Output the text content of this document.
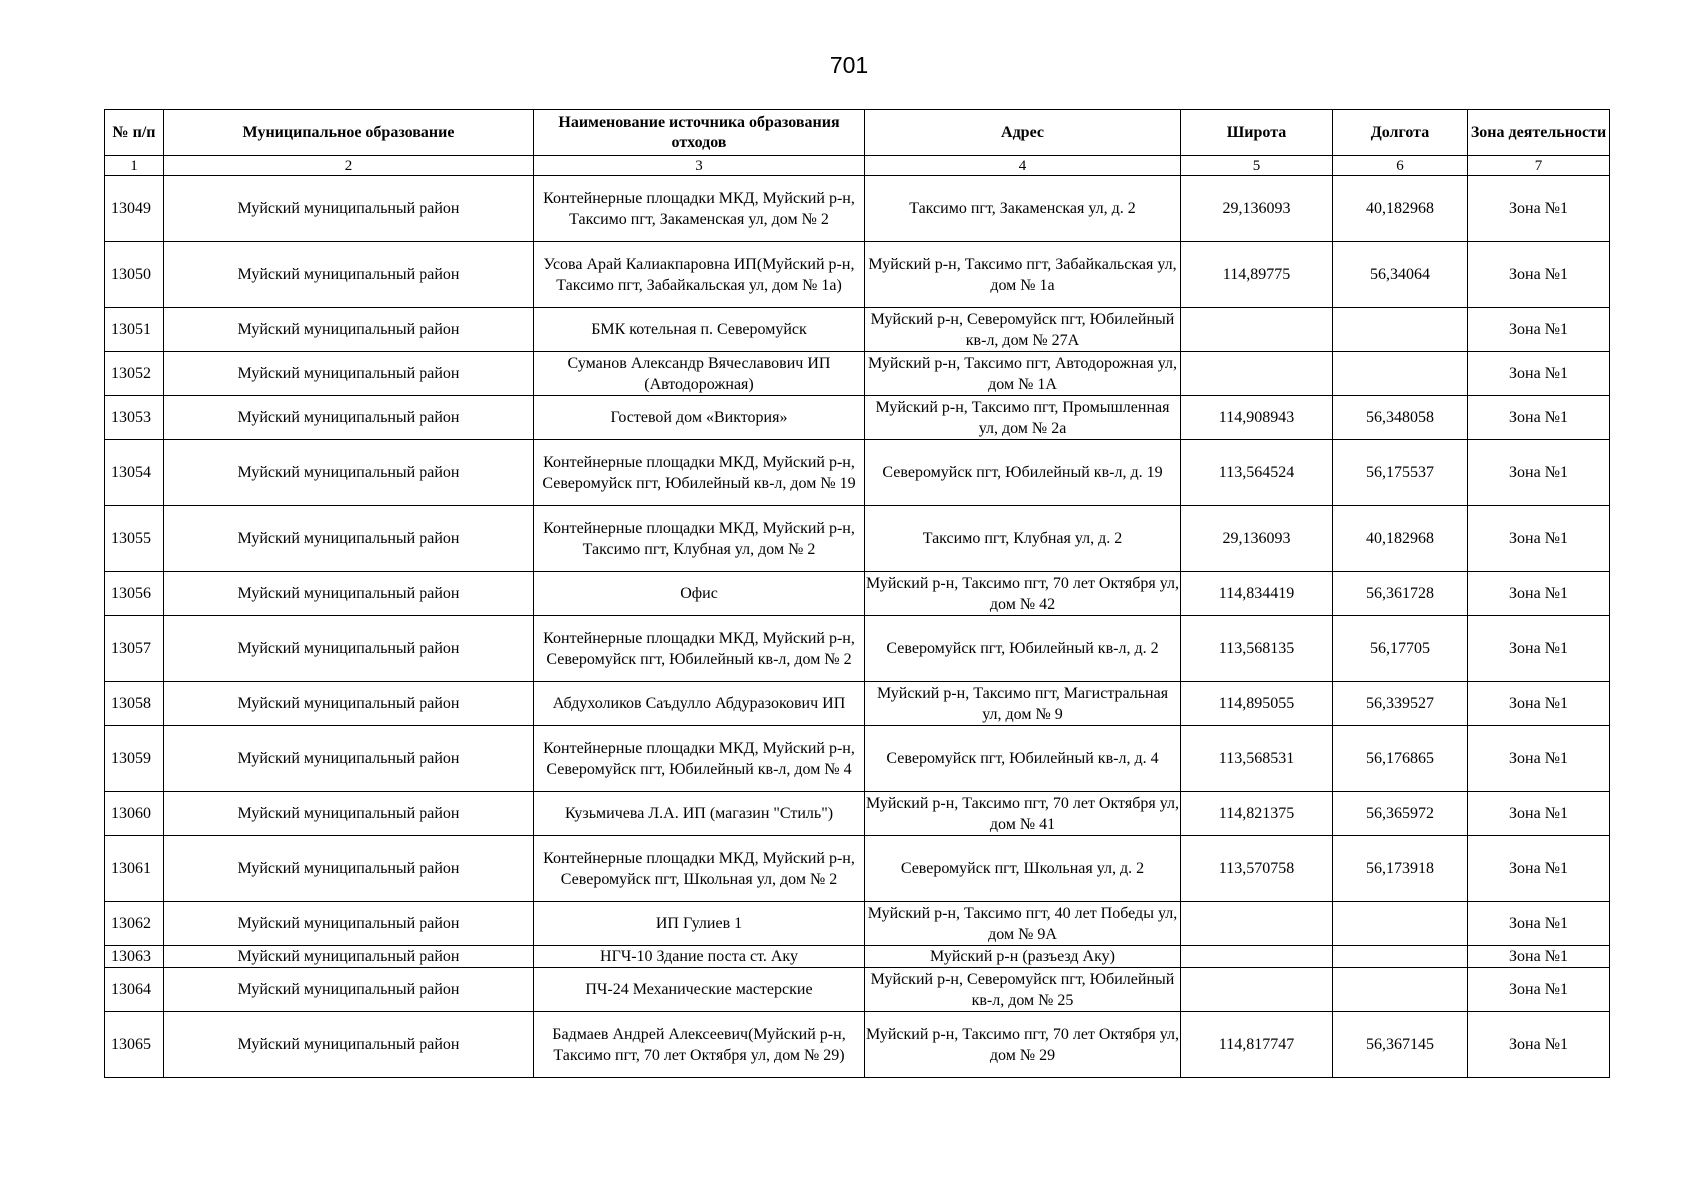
701
№ п/п	Муниципальное образование	Наименование источника образования отходов	Адрес	Широта	Долгота	Зона деятельности
1	2	3	4	5	6	7
13049	Муйский муниципальный район	Контейнерные площадки МКД, Муйский р-н, Таксимо пгт, Закаменская ул, дом № 2	Таксимо пгт, Закаменская ул, д. 2	29,136093	40,182968	Зона №1
13050	Муйский муниципальный район	Усова Арай Калиакпаровна ИП(Муйский р-н, Таксимо пгт, Забайкальская ул, дом № 1а)	Муйский р-н, Таксимо пгт, Забайкальская ул, дом № 1а	114,89775	56,34064	Зона №1
13051	Муйский муниципальный район	БМК котельная п. Северомуйск	Муйский р-н, Северомуйск пгт, Юбилейный кв-л, дом № 27А			Зона №1
13052	Муйский муниципальный район	Суманов Александр Вячеславович ИП (Автодорожная)	Муйский р-н, Таксимо пгт, Автодорожная ул, дом № 1А			Зона №1
13053	Муйский муниципальный район	Гостевой дом «Виктория»	Муйский р-н, Таксимо пгт, Промышленная ул, дом № 2а	114,908943	56,348058	Зона №1
13054	Муйский муниципальный район	Контейнерные площадки МКД, Муйский р-н, Северомуйск пгт, Юбилейный кв-л, дом № 19	Северомуйск пгт, Юбилейный кв-л, д. 19	113,564524	56,175537	Зона №1
13055	Муйский муниципальный район	Контейнерные площадки МКД, Муйский р-н, Таксимо пгт, Клубная ул, дом № 2	Таксимо пгт, Клубная ул, д. 2	29,136093	40,182968	Зона №1
13056	Муйский муниципальный район	Офис	Муйский р-н, Таксимо пгт, 70 лет Октября ул, дом № 42	114,834419	56,361728	Зона №1
13057	Муйский муниципальный район	Контейнерные площадки МКД, Муйский р-н, Северомуйск пгт, Юбилейный кв-л, дом № 2	Северомуйск пгт, Юбилейный кв-л, д. 2	113,568135	56,17705	Зона №1
13058	Муйский муниципальный район	Абдухоликов Саъдулло Абдуразокович ИП	Муйский р-н, Таксимо пгт, Магистральная ул, дом № 9	114,895055	56,339527	Зона №1
13059	Муйский муниципальный район	Контейнерные площадки МКД, Муйский р-н, Северомуйск пгт, Юбилейный кв-л, дом № 4	Северомуйск пгт, Юбилейный кв-л, д. 4	113,568531	56,176865	Зона №1
13060	Муйский муниципальный район	Кузьмичева Л.А. ИП (магазин "Стиль")	Муйский р-н, Таксимо пгт, 70 лет Октября ул, дом № 41	114,821375	56,365972	Зона №1
13061	Муйский муниципальный район	Контейнерные площадки МКД, Муйский р-н, Северомуйск пгт, Школьная ул, дом № 2	Северомуйск пгт, Школьная ул, д. 2	113,570758	56,173918	Зона №1
13062	Муйский муниципальный район	ИП Гулиев 1	Муйский р-н, Таксимо пгт, 40 лет Победы ул, дом № 9А			Зона №1
13063	Муйский муниципальный район	НГЧ-10 Здание поста ст. Аку	Муйский р-н (разъезд Аку)			Зона №1
13064	Муйский муниципальный район	ПЧ-24 Механические мастерские	Муйский р-н, Северомуйск пгт, Юбилейный кв-л, дом № 25			Зона №1
13065	Муйский муниципальный район	Бадмаев Андрей Алексеевич(Муйский р-н, Таксимо пгт, 70 лет Октября ул, дом № 29)	Муйский р-н, Таксимо пгт, 70 лет Октября ул, дом № 29	114,817747	56,367145	Зона №1
